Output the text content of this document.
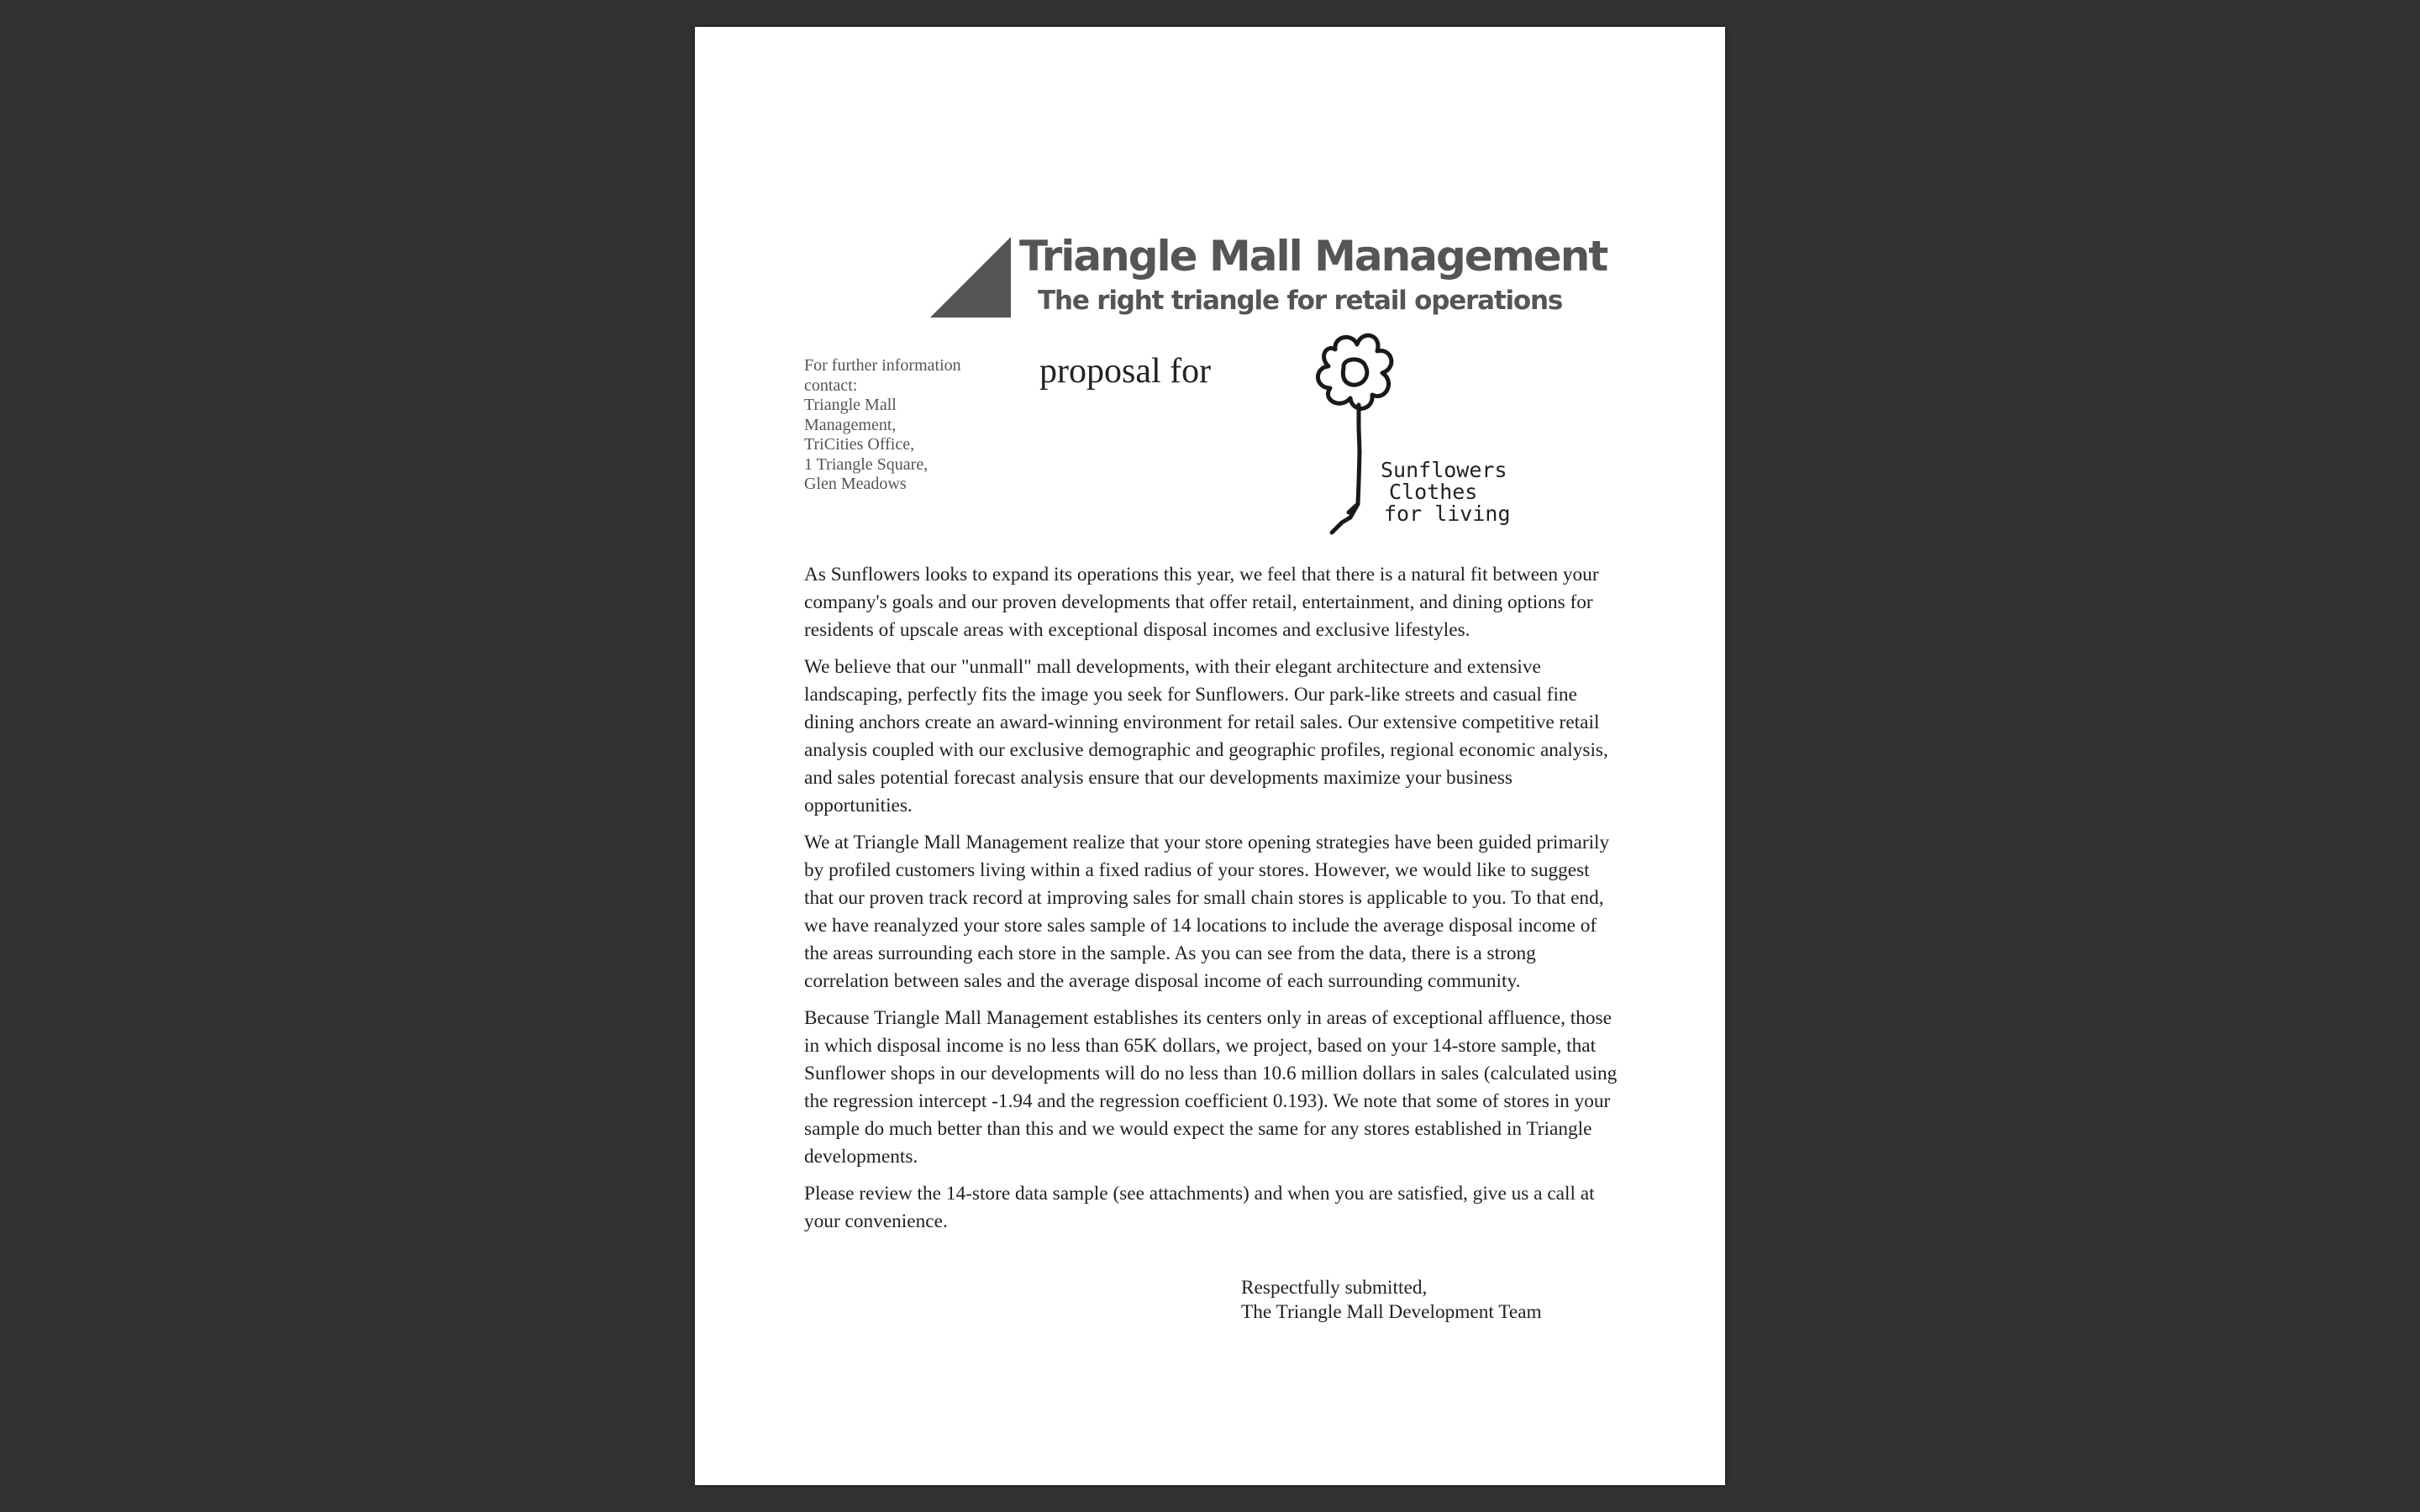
Triangle Mall Management
The right triangle for retail operations
For further information
contact:
Triangle Mall
Management,
TriCities Office,
1 Triangle Square,
Glen Meadows
proposal for
Sunflowers
Clothes
for living

As Sunflowers looks to expand its operations this year, we feel that there is a natural fit between your company's goals and our proven developments that offer retail, entertainment, and dining options for residents of upscale areas with exceptional disposal incomes and exclusive lifestyles.

We believe that our "unmall" mall developments, with their elegant architecture and extensive landscaping, perfectly fits the image you seek for Sunflowers. Our park-like streets and casual fine dining anchors create an award-winning environment for retail sales. Our extensive competitive retail analysis coupled with our exclusive demographic and geographic profiles, regional economic analysis, and sales potential forecast analysis ensure that our developments maximize your business opportunities.

We at Triangle Mall Management realize that your store opening strategies have been guided primarily by profiled customers living within a fixed radius of your stores. However, we would like to suggest that our proven track record at improving sales for small chain stores is applicable to you. To that end, we have reanalyzed your store sales sample of 14 locations to include the average disposal income of the areas surrounding each store in the sample. As you can see from the data, there is a strong correlation between sales and the average disposal income of each surrounding community.

Because Triangle Mall Management establishes its centers only in areas of exceptional affluence, those in which disposal income is no less than 65K dollars, we project, based on your 14-store sample, that Sunflower shops in our developments will do no less than 10.6 million dollars in sales (calculated using the regression intercept -1.94 and the regression coefficient 0.193). We note that some of stores in your sample do much better than this and we would expect the same for any stores established in Triangle developments.

Please review the 14-store data sample (see attachments) and when you are satisfied, give us a call at your convenience.

Respectfully submitted,
The Triangle Mall Development Team
